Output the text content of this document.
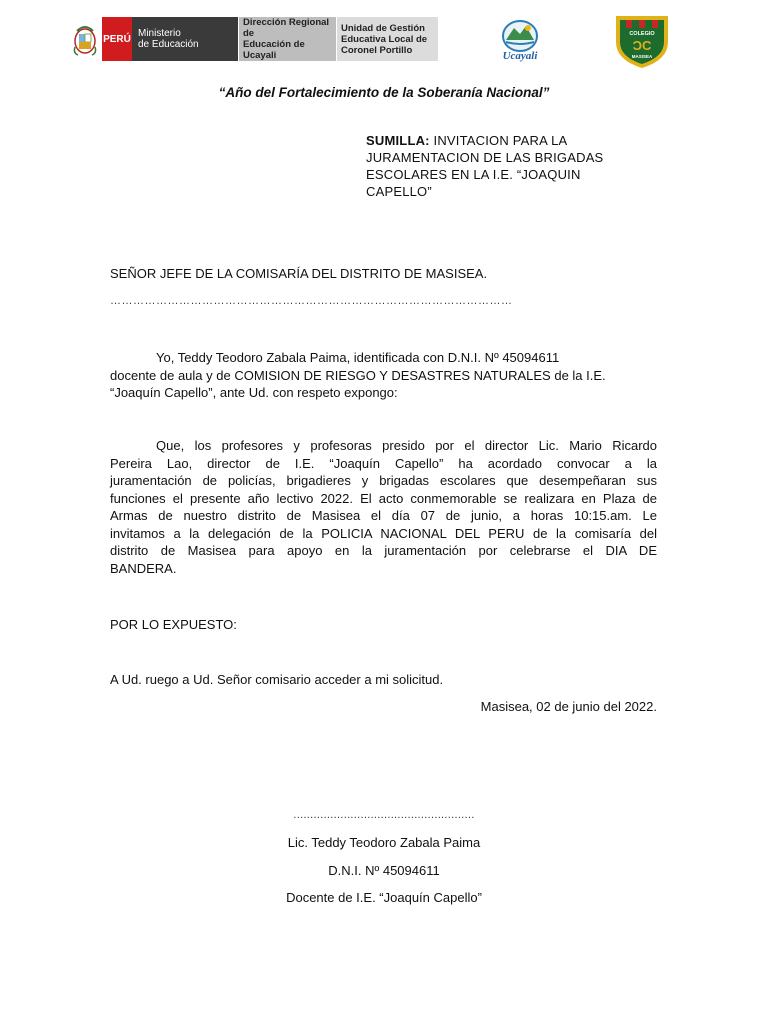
PERÚ Ministerio
de Educación
Dirección Regional de
Educación de Ucayali
Unidad de Gestión
Educativa Local de
Coronel Portillo	Ucayali
COLEGIO
ƆC
MASISEA
“Año del Fortalecimiento de la Soberanía Nacional”
SUMILLA: INVITACION PARA LA
JURAMENTACION DE LAS BRIGADAS
ESCOLARES EN LA I.E. “JOAQUIN
CAPELLO”
SEÑOR JEFE DE LA COMISARÍA DEL DISTRITO DE MASISEA.
……………………………………………………………………………………………
Yo, Teddy Teodoro Zabala Paima, identificada con D.N.I. Nº 45094611
docente de aula y de COMISION DE RIESGO Y DESASTRES NATURALES de la I.E.
“Joaquín Capello”, ante Ud. con respeto expongo:
Que, los profesores y profesoras presido por el director Lic. Mario Ricardo
Pereira Lao, director de I.E. “Joaquín Capello” ha acordado convocar a la
juramentación de policías, brigadieres y brigadas escolares que desempeñaran sus
funciones el presente año lectivo 2022. El acto conmemorable se realizara en Plaza de
Armas de nuestro distrito de Masisea el día 07 de junio, a horas 10:15.am. Le
invitamos a la delegación de la POLICIA NACIONAL DEL PERU de la comisaría del
distrito de Masisea para apoyo en la juramentación por celebrarse el DIA DE
BANDERA.
POR LO EXPUESTO:
A Ud. ruego a Ud. Señor comisario acceder a mi solicitud.
Masisea, 02 de junio del 2022.
......................................................
Lic. Teddy Teodoro Zabala Paima
D.N.I. Nº 45094611
Docente de I.E. “Joaquín Capello”
